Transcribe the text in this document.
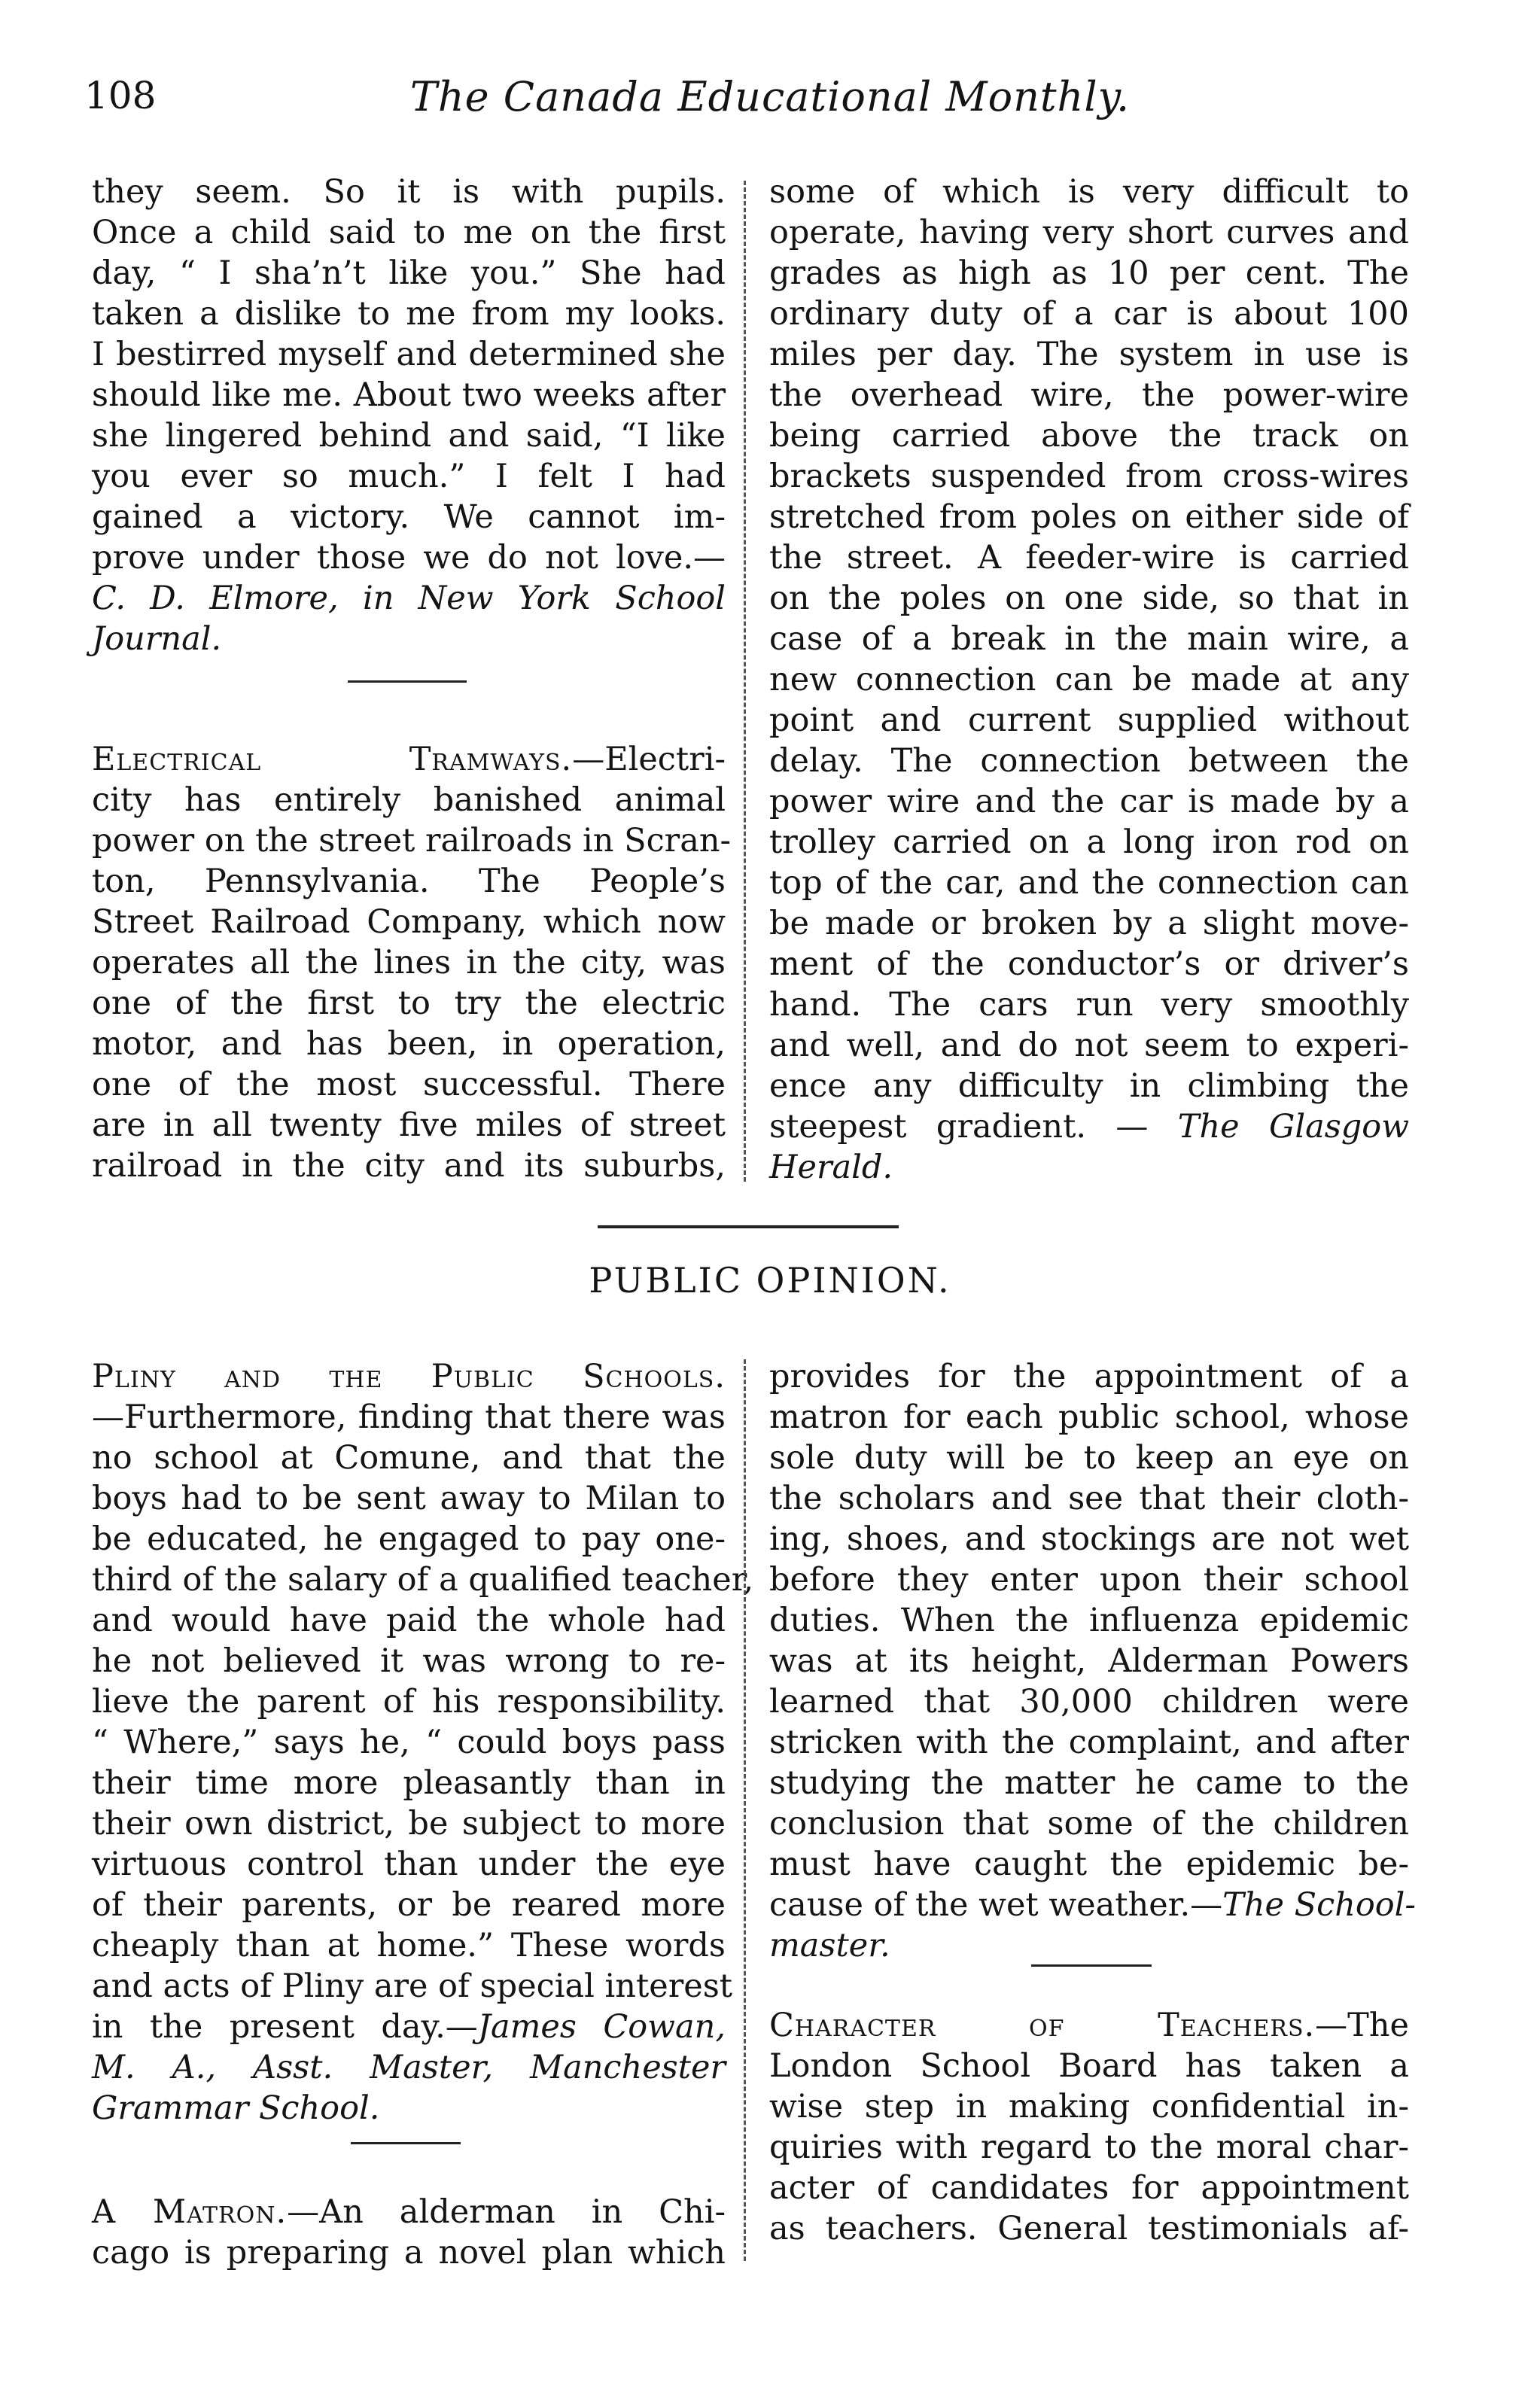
108	The Canada Educational Monthly.
they seem. So it is with pupils.
Once a child said to me on the first
day, “ I sha’n’t like you.” She had
taken a dislike to me from my looks.
I bestirred myself and determined she
should like me. About two weeks after
she lingered behind and said, “I like
you ever so much.” I felt I had
gained a victory. We cannot im-
prove under those we do not love.—
C. D. Elmore, in New York School
Journal.
Electrical Tramways.—Electri-
city has entirely banished animal
power on the street railroads in Scran-
ton, Pennsylvania. The People’s
Street Railroad Company, which now
operates all the lines in the city, was
one of the first to try the electric
motor, and has been, in operation,
one of the most successful. There
are in all twenty five miles of street
railroad in the city and its suburbs,
some of which is very difficult to
operate, having very short curves and
grades as high as 10 per cent. The
ordinary duty of a car is about 100
miles per day. The system in use is
the overhead wire, the power-wire
being carried above the track on
brackets suspended from cross-wires
stretched from poles on either side of
the street. A feeder-wire is carried
on the poles on one side, so that in
case of a break in the main wire, a
new connection can be made at any
point and current supplied without
delay. The connection between the
power wire and the car is made by a
trolley carried on a long iron rod on
top of the car, and the connection can
be made or broken by a slight move-
ment of the conductor’s or driver’s
hand. The cars run very smoothly
and well, and do not seem to experi-
ence any difficulty in climbing the
steepest gradient. — The Glasgow
Herald.
PUBLIC OPINION.
Pliny and the Public Schools.
—Furthermore, finding that there was
no school at Comune, and that the
boys had to be sent away to Milan to
be educated, he engaged to pay one-
third of the salary of a qualified teacher,
and would have paid the whole had
he not believed it was wrong to re-
lieve the parent of his responsibility.
“ Where,” says he, “ could boys pass
their time more pleasantly than in
their own district, be subject to more
virtuous control than under the eye
of their parents, or be reared more
cheaply than at home.” These words
and acts of Pliny are of special interest
in the present day.—James Cowan,
M. A., Asst. Master, Manchester
Grammar School.
A Matron.—An alderman in Chi-
cago is preparing a novel plan which
provides for the appointment of a
matron for each public school, whose
sole duty will be to keep an eye on
the scholars and see that their cloth-
ing, shoes, and stockings are not wet
before they enter upon their school
duties. When the influenza epidemic
was at its height, Alderman Powers
learned that 30,000 children were
stricken with the complaint, and after
studying the matter he came to the
conclusion that some of the children
must have caught the epidemic be-
cause of the wet weather.—The School-
master.
Character of Teachers.—The
London School Board has taken a
wise step in making confidential in-
quiries with regard to the moral char-
acter of candidates for appointment
as teachers. General testimonials af-
